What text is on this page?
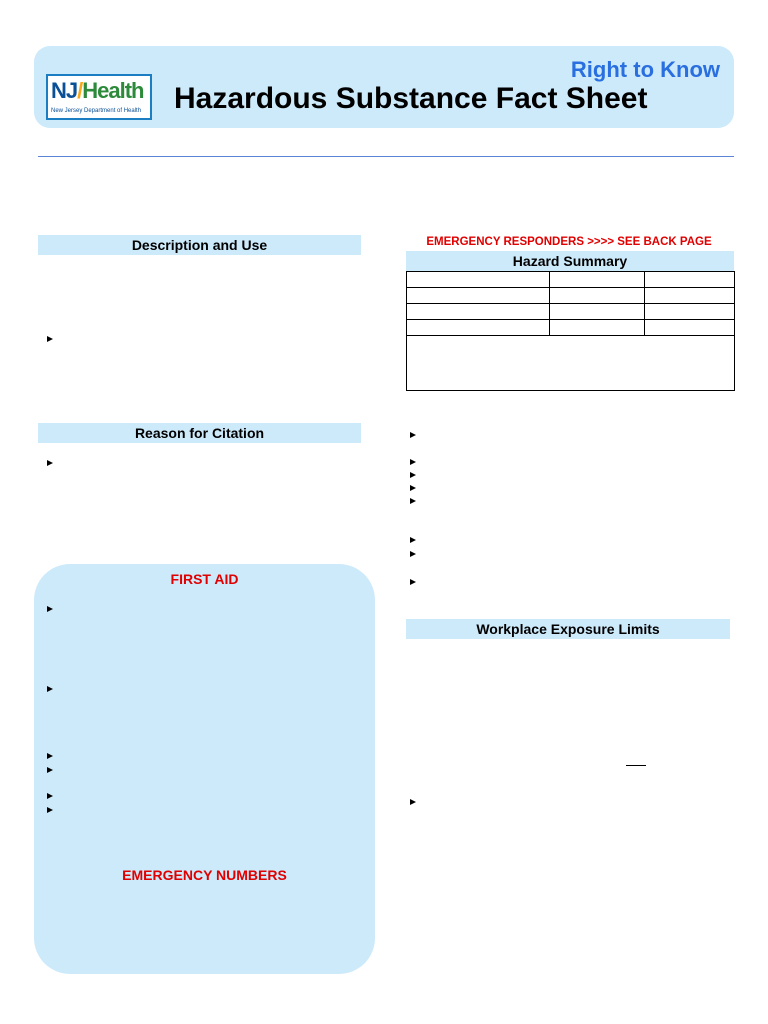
NJ/Health
New Jersey Department of Health
Right to Know
Hazardous Substance Fact Sheet
Description and Use
Reason for Citation
FIRST AID
EMERGENCY NUMBERS
EMERGENCY RESPONDERS >>>> SEE BACK PAGE
Hazard Summary

Workplace Exposure Limits
